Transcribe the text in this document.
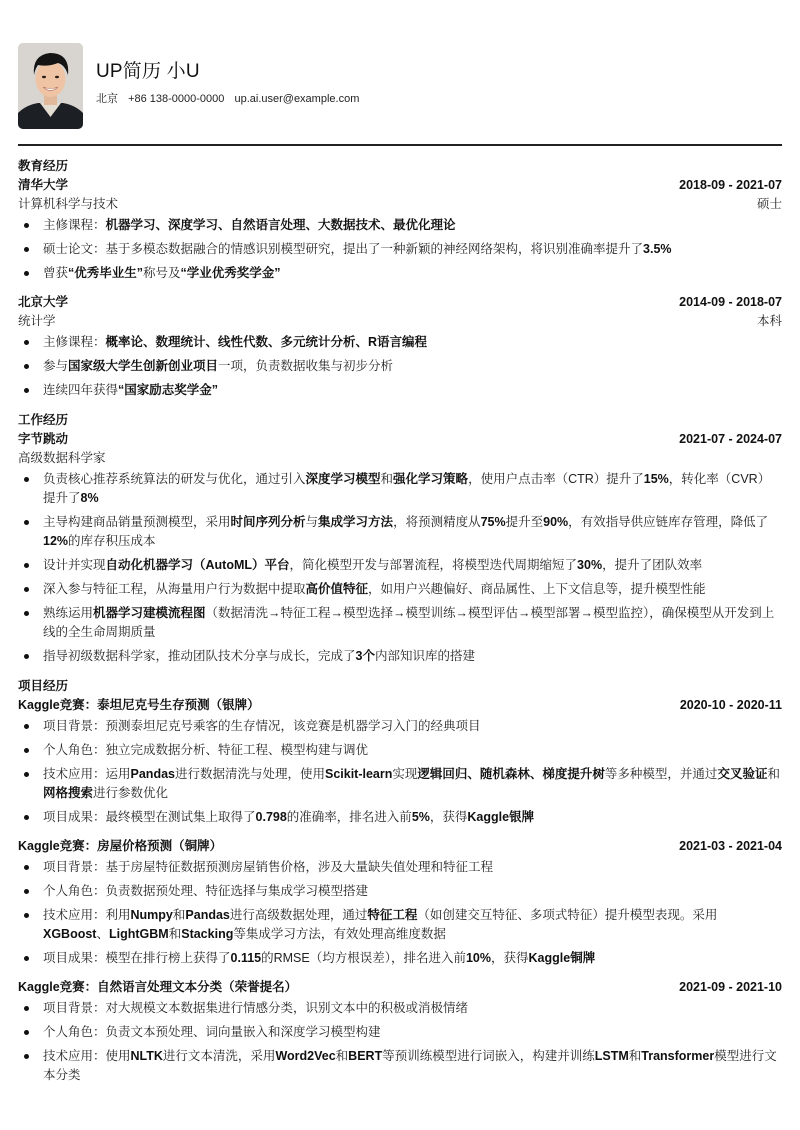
UP简历 小U
北京 +86 138-0000-0000 up.ai.user@example.com
教育经历
清华大学	2018-09 - 2021-07
计算机科学与技术	硕士
主修课程：机器学习、深度学习、自然语言处理、大数据技术、最优化理论
硕士论文：基于多模态数据融合的情感识别模型研究，提出了一种新颖的神经网络架构，将识别准确率提升了3.5%
曾获“优秀毕业生”称号及“学业优秀奖学金”
北京大学	2014-09 - 2018-07
统计学	本科
主修课程：概率论、数理统计、线性代数、多元统计分析、R语言编程
参与国家级大学生创新创业项目一项，负责数据收集与初步分析
连续四年获得“国家励志奖学金”
工作经历
字节跳动	2021-07 - 2024-07
高级数据科学家
负责核心推荐系统算法的研发与优化，通过引入深度学习模型和强化学习策略，使用户点击率（CTR）提升了15%，转化率（CVR）提升了8%
主导构建商品销量预测模型，采用时间序列分析与集成学习方法，将预测精度从75%提升至90%，有效指导供应链库存管理，降低了12%的库存积压成本
设计并实现自动化机器学习（AutoML）平台，简化模型开发与部署流程，将模型迭代周期缩短了30%，提升了团队效率
深入参与特征工程，从海量用户行为数据中提取高价值特征，如用户兴趣偏好、商品属性、上下文信息等，提升模型性能
熟练运用机器学习建模流程图（数据清洗→特征工程→模型选择→模型训练→模型评估→模型部署→模型监控），确保模型从开发到上线的全生命周期质量
指导初级数据科学家，推动团队技术分享与成长，完成了3个内部知识库的搭建
项目经历
Kaggle竞赛：泰坦尼克号生存预测（银牌）	2020-10 - 2020-11
项目背景：预测泰坦尼克号乘客的生存情况，该竞赛是机器学习入门的经典项目
个人角色：独立完成数据分析、特征工程、模型构建与调优
技术应用：运用Pandas进行数据清洗与处理，使用Scikit-learn实现逻辑回归、随机森林、梯度提升树等多种模型，并通过交叉验证和网格搜索进行参数优化
项目成果：最终模型在测试集上取得了0.798的准确率，排名进入前5%，获得Kaggle银牌
Kaggle竞赛：房屋价格预测（铜牌）	2021-03 - 2021-04
项目背景：基于房屋特征数据预测房屋销售价格，涉及大量缺失值处理和特征工程
个人角色：负责数据预处理、特征选择与集成学习模型搭建
技术应用：利用Numpy和Pandas进行高级数据处理，通过特征工程（如创建交互特征、多项式特征）提升模型表现。采用XGBoost、LightGBM和Stacking等集成学习方法，有效处理高维度数据
项目成果：模型在排行榜上获得了0.115的RMSE（均方根误差），排名进入前10%，获得Kaggle铜牌
Kaggle竞赛：自然语言处理文本分类（荣誉提名）	2021-09 - 2021-10
项目背景：对大规模文本数据集进行情感分类，识别文本中的积极或消极情绪
个人角色：负责文本预处理、词向量嵌入和深度学习模型构建
技术应用：使用NLTK进行文本清洗，采用Word2Vec和BERT等预训练模型进行词嵌入，构建并训练LSTM和Transformer模型进行文本分类
